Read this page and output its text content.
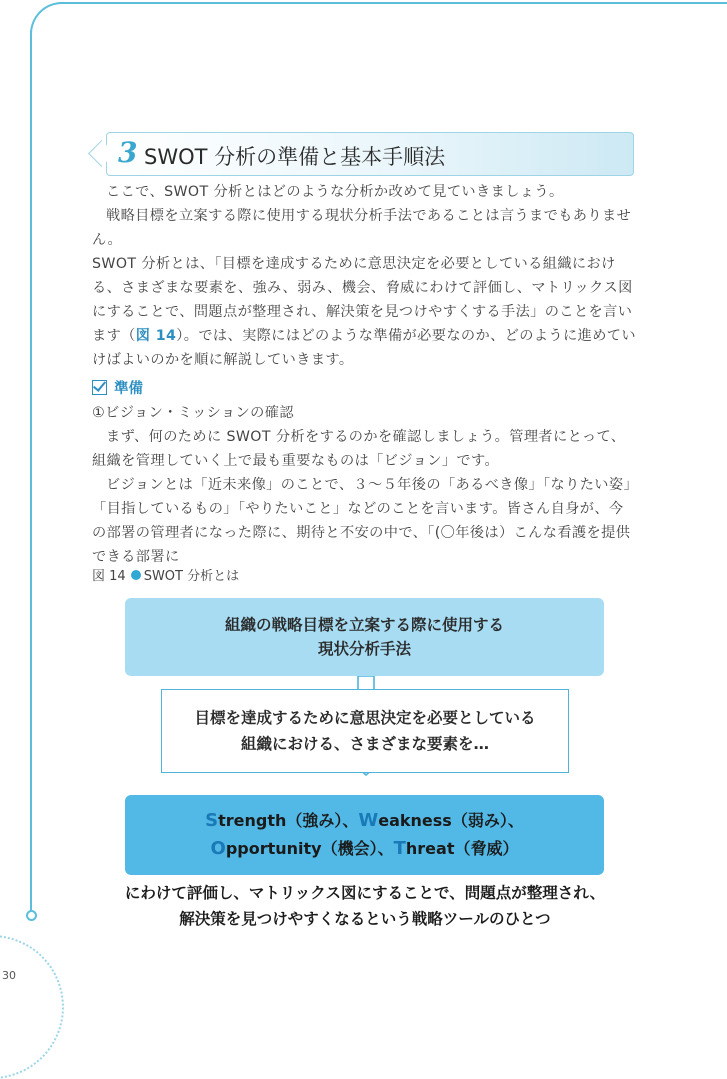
30
3 SWOT 分析の準備と基本手順法

ここで、SWOT 分析とはどのような分析か改めて見ていきましょう。

戦略目標を立案する際に使用する現状分析手法であることは言うまでもありません。

SWOT 分析とは、「目標を達成するために意思決定を必要としている組織における、さまざまな要素を、強み、弱み、機会、脅威にわけて評価し、マトリックス図にすることで、問題点が整理され、解決策を見つけやすくする手法」のことを言います（図 14）。では、実際にはどのような準備が必要なのか、どのように進めていけばよいのかを順に解説していきます。

準備

①ビジョン・ミッションの確認

まず、何のために SWOT 分析をするのかを確認しましょう。管理者にとって、組織を管理していく上で最も重要なものは「ビジョン」です。

ビジョンとは「近未来像」のことで、３〜５年後の「あるべき像」「なりたい姿」「目指しているもの」「やりたいこと」などのことを言います。皆さん自身が、今の部署の管理者になった際に、期待と不安の中で、「(〇年後は）こんな看護を提供できる部署に

図 14 SWOT 分析とは
組織の戦略目標を立案する際に使用する
現状分析手法
目標を達成するために意思決定を必要としている
組織における、さまざまな要素を…
Strength（強み）、Weakness（弱み）、
Opportunity（機会）、Threat（脅威）
にわけて評価し、マトリックス図にすることで、問題点が整理され、
解決策を見つけやすくなるという戦略ツールのひとつ
